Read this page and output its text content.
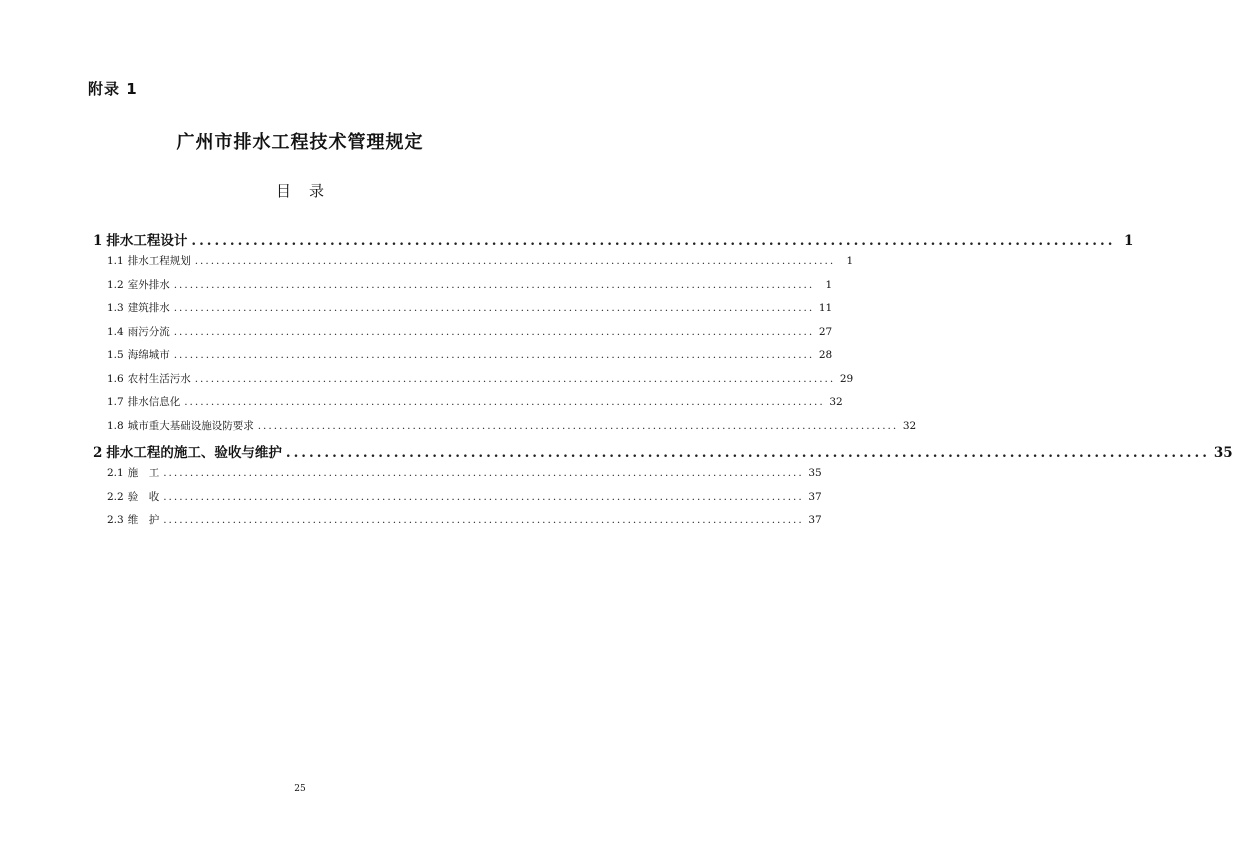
附录 1
广州市排水工程技术管理规定
目 录
1 排水工程设计 ........................................................................................................................ 1
1.1 排水工程规划 ........................................................................................................................	1
1.2 室外排水 ........................................................................................................................	1
1.3 建筑排水 ........................................................................................................................ 11
1.4 雨污分流 ........................................................................................................................ 27
1.5 海绵城市 ........................................................................................................................ 28
1.6 农村生活污水 ........................................................................................................................ 29
1.7 排水信息化 ........................................................................................................................ 32
1.8 城市重大基础设施设防要求 ........................................................................................................................ 32
2 排水工程的施工、验收与维护 ........................................................................................................................ 35
2.1 施　工 ........................................................................................................................ 35
2.2 验　收 ........................................................................................................................ 37
2.3 维　护 ........................................................................................................................ 37
25
